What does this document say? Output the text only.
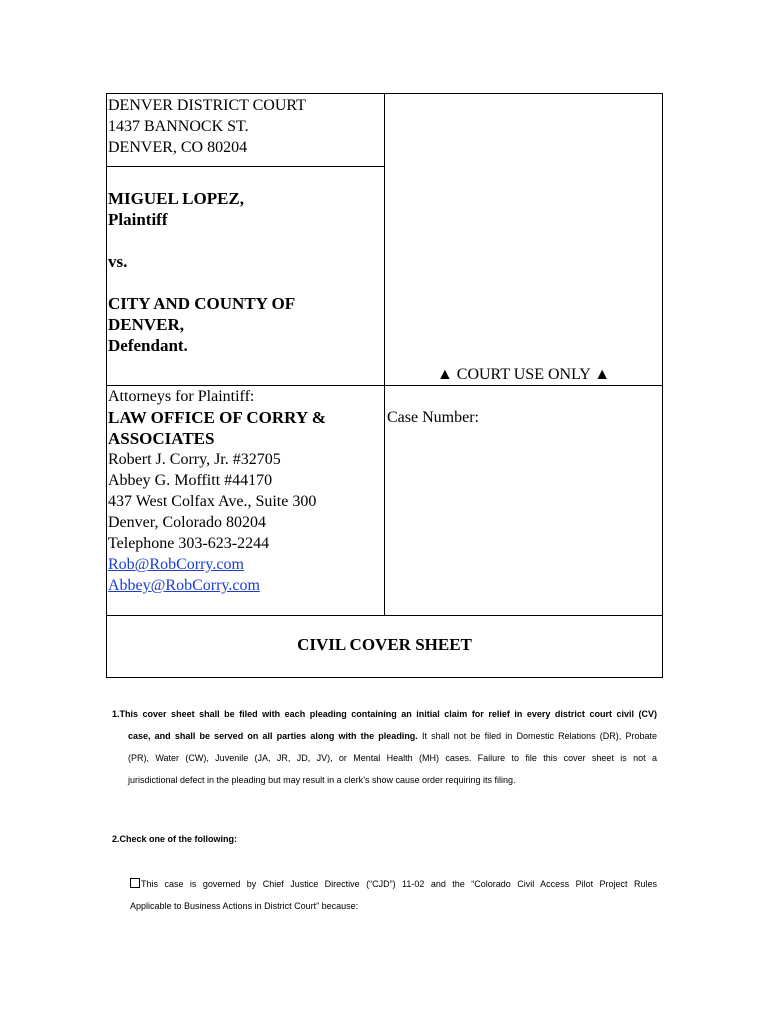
DENVER DISTRICT COURT
1437 BANNOCK ST.
DENVER, CO 80204
MIGUEL LOPEZ,
Plaintiff
vs.
CITY AND COUNTY OF
DENVER,
Defendant.
▲ COURT USE ONLY ▲
Attorneys for Plaintiff:
LAW OFFICE OF CORRY &
ASSOCIATES
Robert J. Corry, Jr. #32705
Abbey G. Moffitt #44170
437 West Colfax Ave., Suite 300
Denver, Colorado 80204
Telephone 303-623-2244
Rob@RobCorry.com
Abbey@RobCorry.com
Case Number:
CIVIL COVER SHEET
1.This cover sheet shall be filed with each pleading containing an initial claim for relief in every district court civil (CV)
case, and shall be served on all parties along with the pleading. It shall not be filed in Domestic Relations (DR), Probate
(PR), Water (CW), Juvenile (JA, JR, JD, JV), or Mental Health (MH) cases. Failure to file this cover sheet is not a
jurisdictional defect in the pleading but may result in a clerk’s show cause order requiring its filing.
2.Check one of the following:
This case is governed by Chief Justice Directive (“CJD”) 11-02 and the “Colorado Civil Access Pilot Project Rules
Applicable to Business Actions in District Court” because:
